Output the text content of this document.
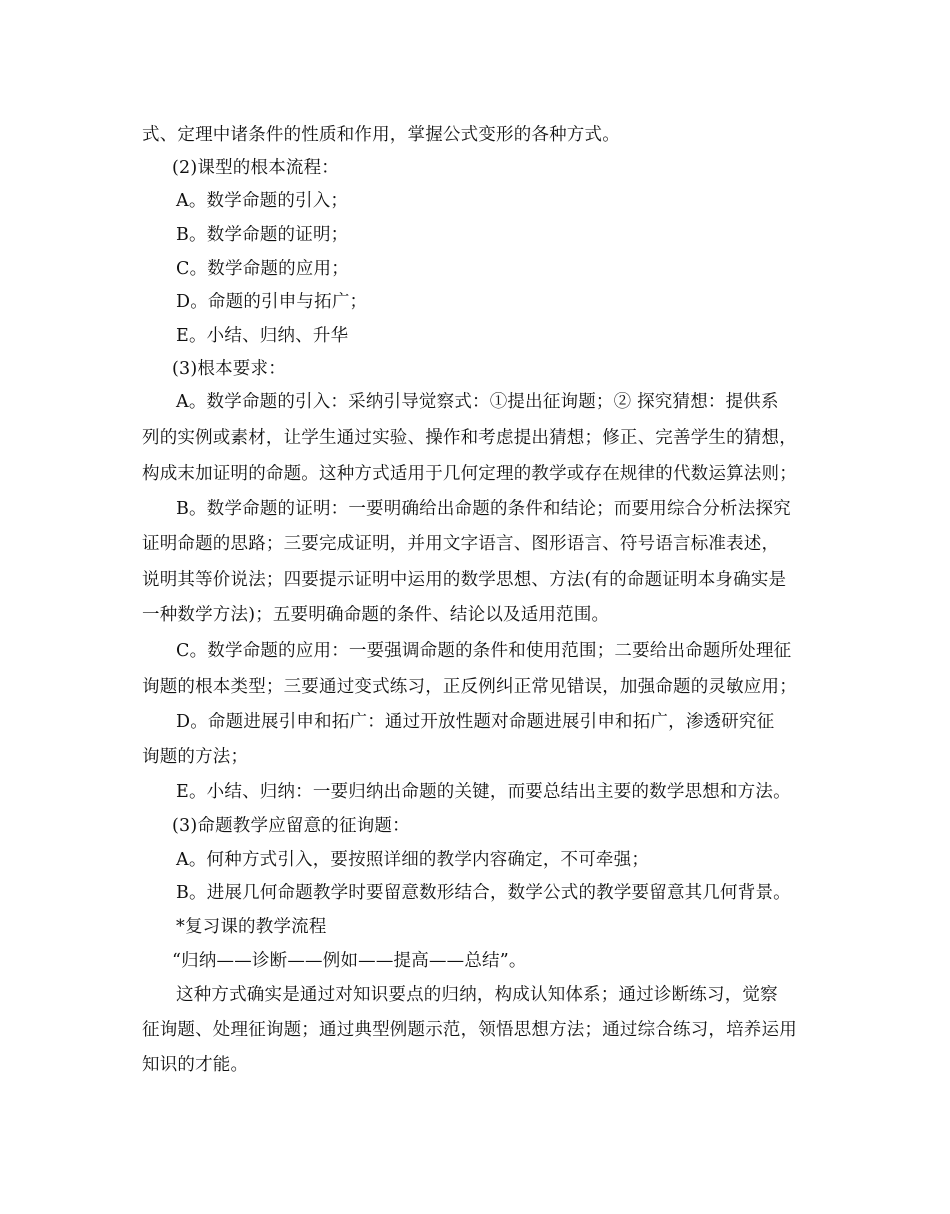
式、定理中诸条件的性质和作用，掌握公式变形的各种方式。
(2)课型的根本流程：
A。数学命题的引入；
B。数学命题的证明；
C。数学命题的应用；
D。命题的引申与拓广；
E。小结、归纳、升华
(3)根本要求：
A。数学命题的引入：采纳引导觉察式：①提出征询题；② 探究猜想：提供系
列的实例或素材，让学生通过实验、操作和考虑提出猜想；修正、完善学生的猜想，
构成末加证明的命题。这种方式适用于几何定理的教学或存在规律的代数运算法则；
B。数学命题的证明：一要明确给出命题的条件和结论；而要用综合分析法探究
证明命题的思路；三要完成证明，并用文字语言、图形语言、符号语言标准表述，
说明其等价说法；四要提示证明中运用的数学思想、方法(有的命题证明本身确实是
一种数学方法)；五要明确命题的条件、结论以及适用范围。
C。数学命题的应用：一要强调命题的条件和使用范围；二要给出命题所处理征
询题的根本类型；三要通过变式练习，正反例纠正常见错误，加强命题的灵敏应用；
D。命题进展引申和拓广：通过开放性题对命题进展引申和拓广，渗透研究征
询题的方法；
E。小结、归纳：一要归纳出命题的关键，而要总结出主要的数学思想和方法。
(3)命题教学应留意的征询题：
A。何种方式引入，要按照详细的教学内容确定，不可牵强；
B。进展几何命题教学时要留意数形结合，数学公式的教学要留意其几何背景。
*复习课的教学流程
“归纳——诊断——例如——提高——总结”。
这种方式确实是通过对知识要点的归纳，构成认知体系；通过诊断练习，觉察
征询题、处理征询题；通过典型例题示范，领悟思想方法；通过综合练习，培养运用
知识的才能。
